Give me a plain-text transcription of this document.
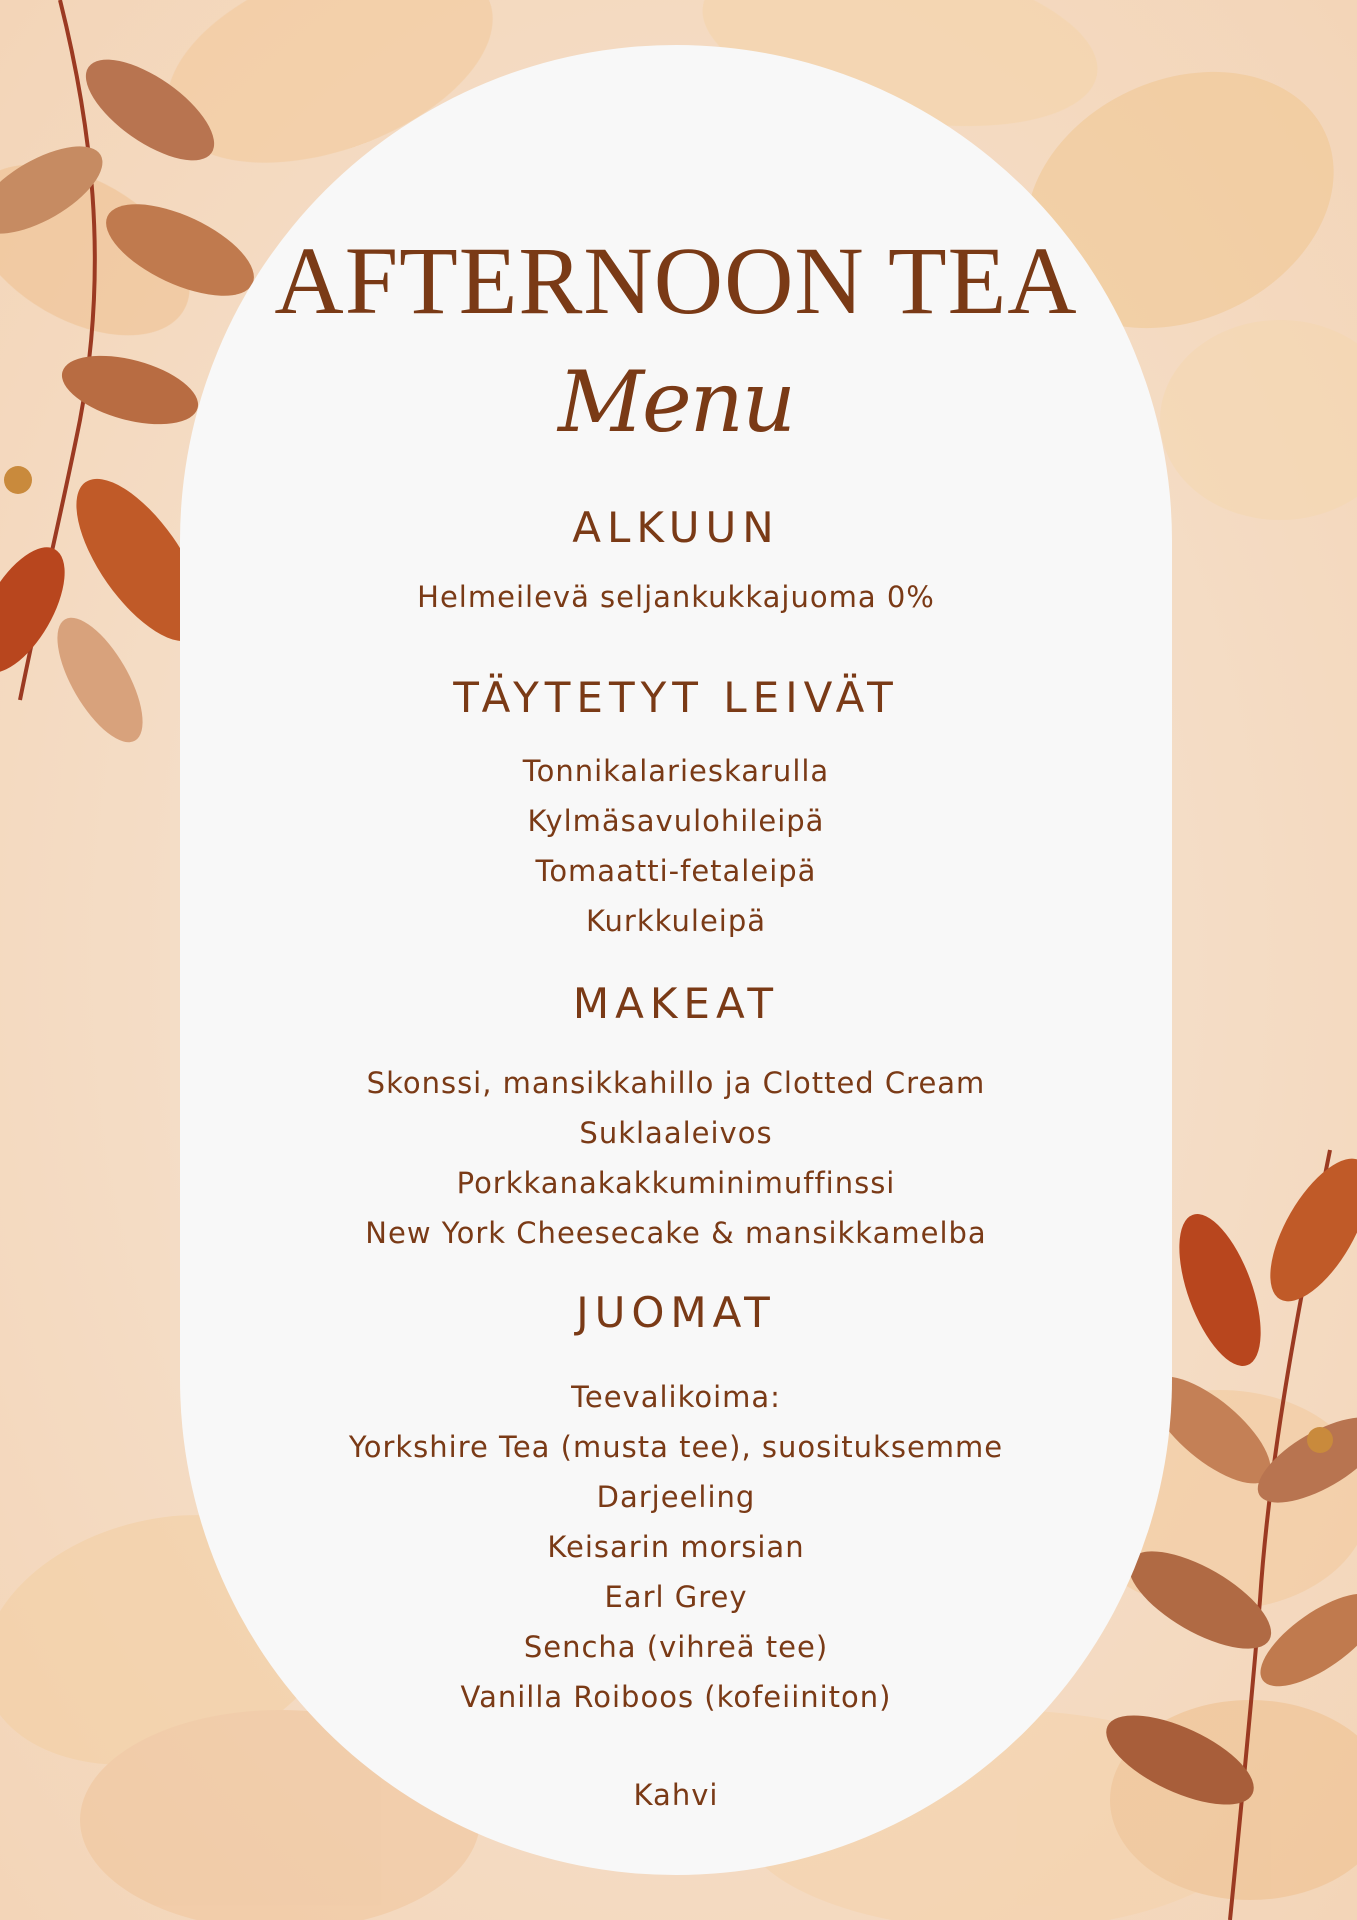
AFTERNOON TEA
Menu
ALKUUN
Helmeilevä seljankukkajuoma 0%
TÄYTETYT LEIVÄT
Tonnikalarieskarulla
Kylmäsavulohileipä
Tomaatti-fetaleipä
Kurkkuleipä
MAKEAT
Skonssi, mansikkahillo ja Clotted Cream
Suklaaleivos
Porkkanakakkuminimuffinssi
New York Cheesecake & mansikkamelba
JUOMAT
Teevalikoima:
Yorkshire Tea (musta tee), suosituksemme
Darjeeling
Keisarin morsian
Earl Grey
Sencha (vihreä tee)
Vanilla Roiboos (kofeiiniton)
Kahvi
